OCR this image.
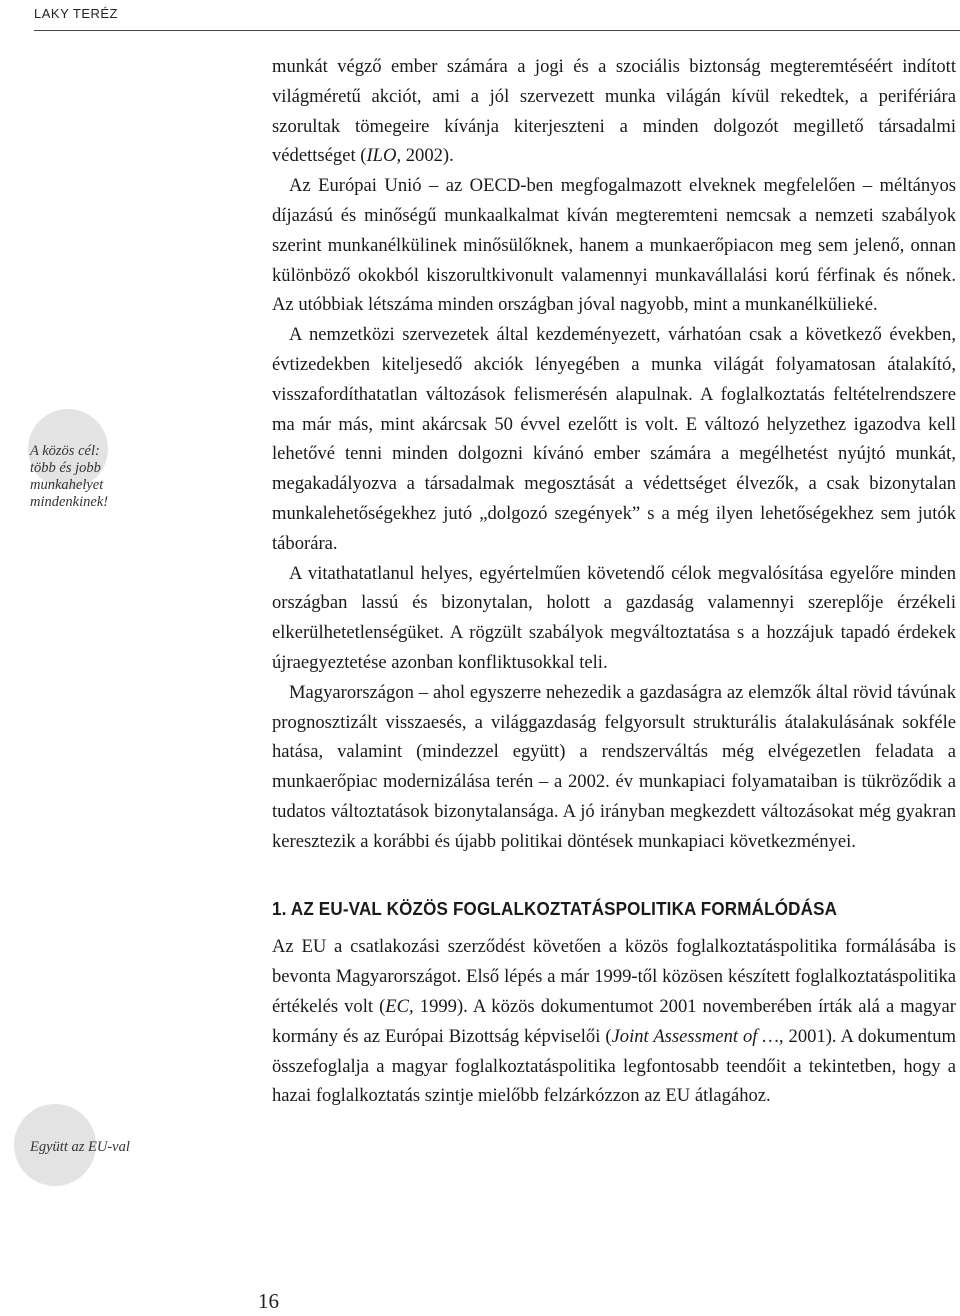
LAKY TERÉZ
A közös cél:
több és jobb
munkahelyet
mindenkinek!
Együtt az EU-val

munkát végző ember számára a jogi és a szociális biztonság megteremtéséért indított világméretű akciót, ami a jól szervezett munka világán kívül rekedtek, a perifériára szorultak tömegeire kívánja kiterjeszteni a minden dolgozót megillető társadalmi védettséget (ILO, 2002).

Az Európai Unió – az OECD-ben megfogalmazott elveknek megfelelően – méltányos díjazású és minőségű munkaalkalmat kíván megteremteni nemcsak a nemzeti szabályok szerint munkanélkülinek minősülőknek, hanem a munkaerőpiacon meg sem jelenő, onnan különböző okokból kiszorultkivonult valamennyi munkavállalási korú férfinak és nőnek. Az utóbbiak létszáma minden országban jóval nagyobb, mint a munkanélkülieké.

A nemzetközi szervezetek által kezdeményezett, várhatóan csak a következő években, évtizedekben kiteljesedő akciók lényegében a munka világát folyamatosan átalakító, visszafordíthatatlan változások felismerésén alapulnak. A foglalkoztatás feltételrendszere ma már más, mint akárcsak 50 évvel ezelőtt is volt. E változó helyzethez igazodva kell lehetővé tenni minden dolgozni kívánó ember számára a megélhetést nyújtó munkát, megakadályozva a társadalmak megosztását a védettséget élvezők, a csak bizonytalan munkalehetőségekhez jutó „dolgozó szegények” s a még ilyen lehetőségekhez sem jutók táborára.

A vitathatatlanul helyes, egyértelműen követendő célok megvalósítása egyelőre minden országban lassú és bizonytalan, holott a gazdaság valamennyi szereplője érzékeli elkerülhetetlenségüket. A rögzült szabályok megváltoztatása s a hozzájuk tapadó érdekek újraegyeztetése azonban konfliktusokkal teli.

Magyarországon – ahol egyszerre nehezedik a gazdaságra az elemzők által rövid távúnak prognosztizált visszaesés, a világgazdaság felgyorsult strukturális átalakulásának sokféle hatása, valamint (mindezzel együtt) a rendszerváltás még elvégezetlen feladata a munkaerőpiac modernizálása terén – a 2002. év munkapiaci folyamataiban is tükröződik a tudatos változtatások bizonytalansága. A jó irányban megkezdett változásokat még gyakran keresztezik a korábbi és újabb politikai döntések munkapiaci következményei.

1. AZ EU-VAL KÖZÖS FOGLALKOZTATÁSPOLITIKA FORMÁLÓDÁSA

Az EU a csatlakozási szerződést követően a közös foglalkoztatáspolitika formálásába is bevonta Magyarországot. Első lépés a már 1999-től közösen készített foglalkoztatáspolitika értékelés volt (EC, 1999). A közös dokumentumot 2001 novemberében írták alá a magyar kormány és az Európai Bizottság képviselői (Joint Assessment of …, 2001). A dokumentum összefoglalja a magyar foglalkoztatáspolitika legfontosabb teendőit a tekintetben, hogy a hazai foglalkoztatás szintje mielőbb felzárkózzon az EU átlagához.

16
